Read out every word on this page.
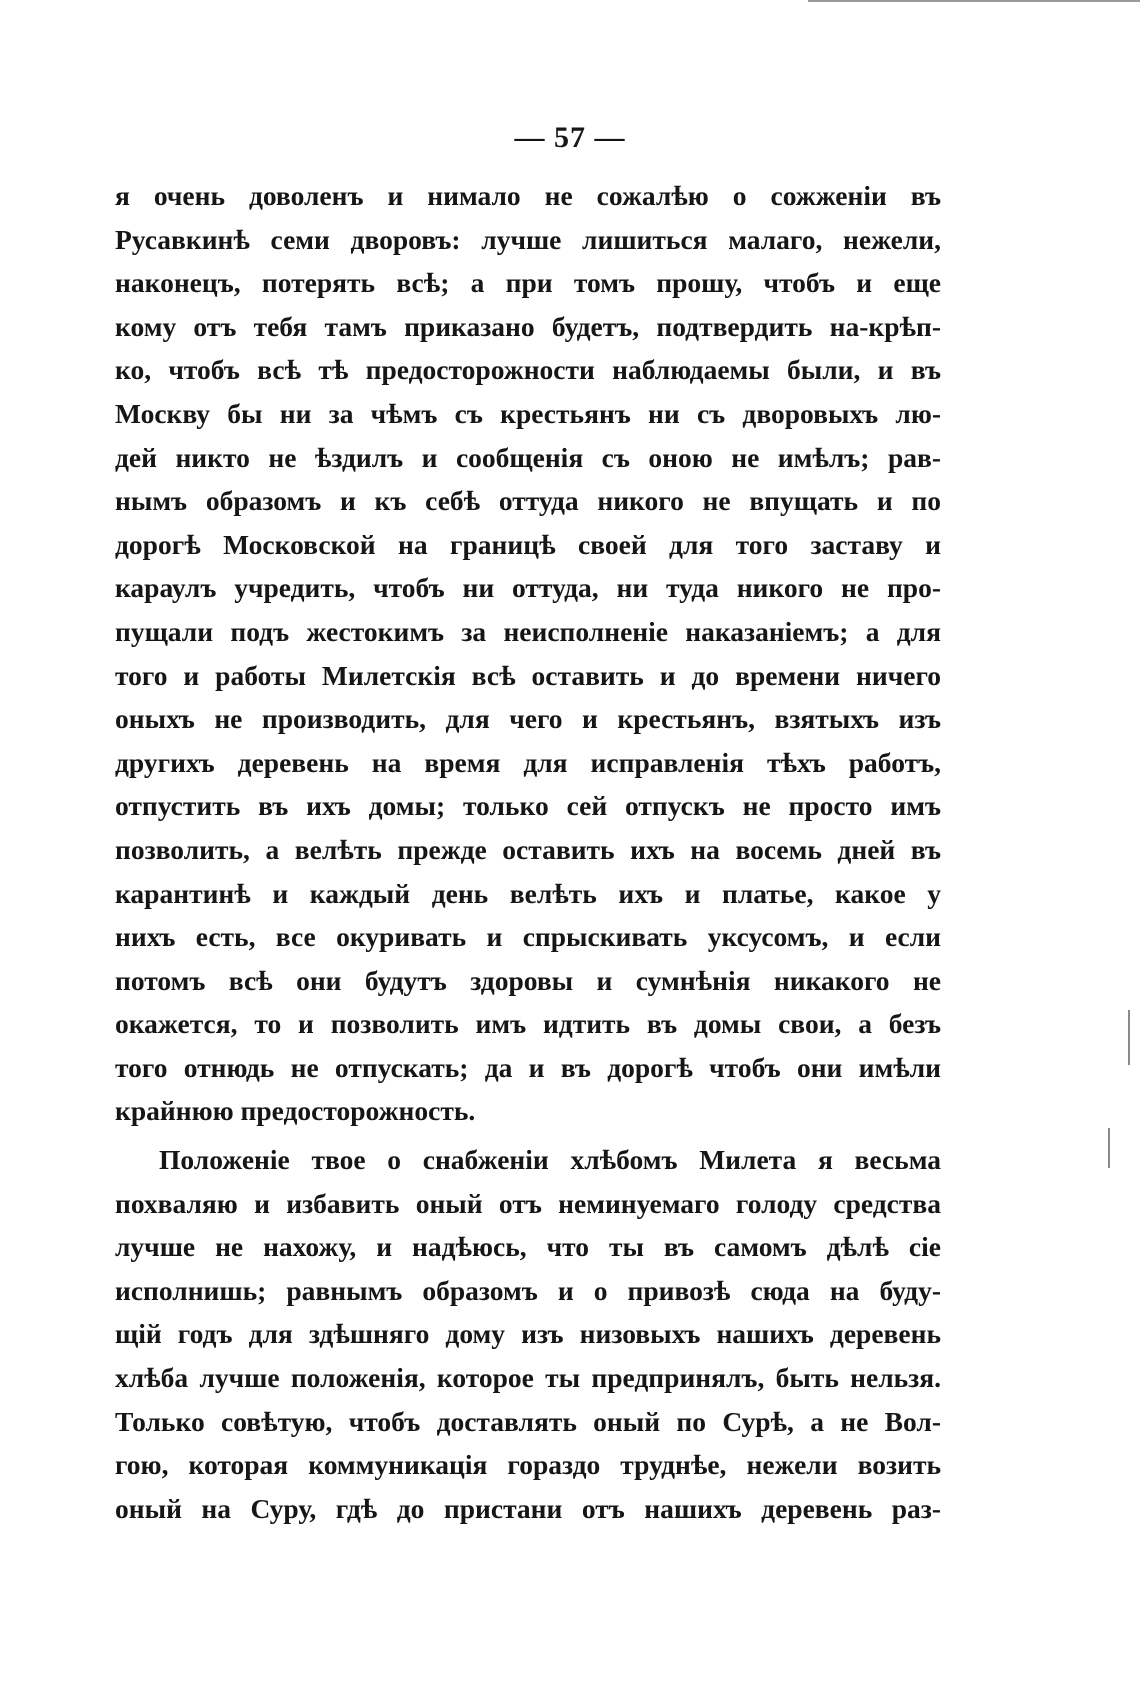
— 57 —
я очень доволенъ и нимало не сожалѣю о сожженіи въ
Русавкинѣ семи дворовъ: лучше лишиться малаго, нежели,
наконецъ, потерять всѣ; а при томъ прошу, чтобъ и еще
кому отъ тебя тамъ приказано будетъ, подтвердить на-крѣп-
ко, чтобъ всѣ тѣ предосторожности наблюдаемы были, и въ
Москву бы ни за чѣмъ съ крестьянъ ни съ дворовыхъ лю-
дей никто не ѣздилъ и сообщенія съ оною не имѣлъ; рав-
нымъ образомъ и къ себѣ оттуда никого не впущать и по
дорогѣ Московской на границѣ своей для того заставу и
караулъ учредить, чтобъ ни оттуда, ни туда никого не про-
пущали подъ жестокимъ за неисполненіе наказаніемъ; а для
того и работы Милетскія всѣ оставить и до времени ничего
оныхъ не производить, для чего и крестьянъ, взятыхъ изъ
другихъ деревень на время для исправленія тѣхъ работъ,
отпустить въ ихъ домы; только сей отпускъ не просто имъ
позволить, а велѣть прежде оставить ихъ на восемь дней въ
карантинѣ и каждый день велѣть ихъ и платье, какое у
нихъ есть, все окуривать и спрыскивать уксусомъ, и если
потомъ всѣ они будутъ здоровы и сумнѣнія никакого не
окажется, то и позволить имъ идтить въ домы свои, а безъ
того отнюдь не отпускать; да и въ дорогѣ чтобъ они имѣли
крайнюю предосторожность.
Положеніе твое о снабженіи хлѣбомъ Милета я весьма
похваляю и избавить оный отъ неминуемаго голоду средства
лучше не нахожу, и надѣюсь, что ты въ самомъ дѣлѣ сіе
исполнишь; равнымъ образомъ и о привозѣ сюда на буду-
щій годъ для здѣшняго дому изъ низовыхъ нашихъ деревень
хлѣба лучше положенія, которое ты предпринялъ, быть нельзя.
Только совѣтую, чтобъ доставлять оный по Сурѣ, а не Вол-
гою, которая коммуникація гораздо труднѣе, нежели возить
оный на Суру, гдѣ до пристани отъ нашихъ деревень раз-
